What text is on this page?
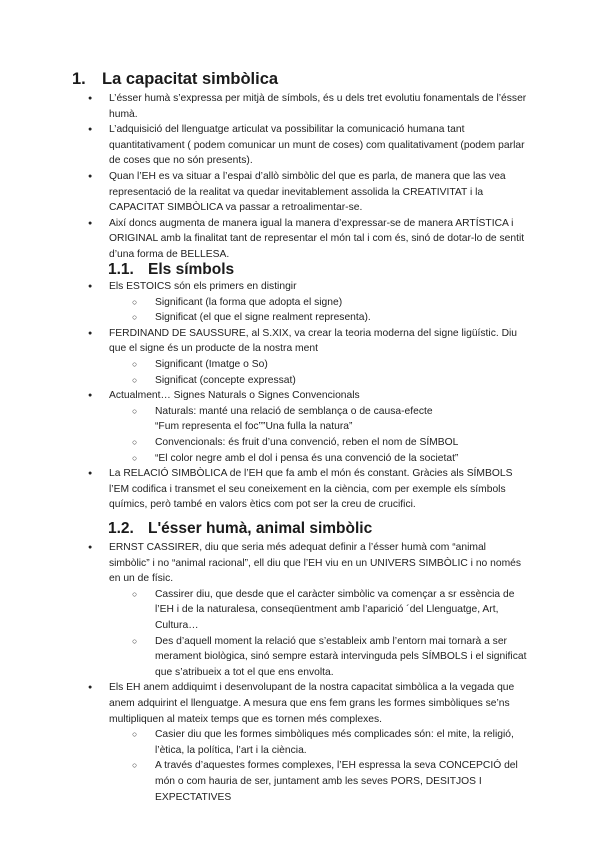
1. La capacitat simbòlica
● L’ésser humà s’expressa per mitjà de símbols, és u dels tret evolutiu fonamentals de l’ésser humà.
● L’adquisició del llenguatge articulat va possibilitar la comunicació humana tant quantitativament ( podem comunicar un munt de coses) com qualitativament (podem parlar de coses que no són presents).
● Quan l’EH es va situar a l’espai d’allò simbòlic del que es parla, de manera que las vea representació de la realitat va quedar inevitablement assolida la CREATIVITAT i la CAPACITAT SIMBÒLICA va passar a retroalimentar-se.
● Així doncs augmenta de manera igual la manera d’expressar-se de manera ARTÍSTICA i ORIGINAL amb la finalitat tant de representar el món tal i com és, sinó de dotar-lo de sentit d’una forma de BELLESA.
1.1. Els símbols
● Els ESTOICS són els primers en distingir
○ Significant (la forma que adopta el signe)
○ Significat (el que el signe realment representa).
● FERDINAND DE SAUSSURE, al S.XIX, va crear la teoria moderna del signe ligüístic. Diu que el signe és un producte de la nostra ment
○ Significant (Imatge o So)
○ Significat (concepte expressat)
● Actualment… Signes Naturals o Signes Convencionals
○ Naturals: manté una relació de semblança o de causa-efecte
“Fum representa el foc””Una fulla la natura”
○ Convencionals: és fruit d’una convenció, reben el nom de SÍMBOL
○ “El color negre amb el dol i pensa és una convenció de la societat”
● La RELACIÓ SIMBÒLICA de l’EH que fa amb el món és constant. Gràcies als SÍMBOLS l’EM codifica i transmet el seu coneixement en la ciència, com per exemple els símbols químics, però també en valors ètics com pot ser la creu de crucifici.
1.2. L'ésser humà, animal simbòlic
● ERNST CASSIRER, diu que seria més adequat definir a l’ésser humà com “animal simbòlic” i no “animal racional”, ell diu que l’EH viu en un UNIVERS SIMBÒLIC i no només en un de físic.
○ Cassirer diu, que desde que el caràcter simbòlic va començar a sr essència de l’EH i de la naturalesa, conseqüentment amb l’aparició ´del Llenguatge, Art, Cultura…
○ Des d’aquell moment la relació que s’estableix amb l’entorn mai tornarà a ser merament biològica, sinó sempre estarà intervinguda pels SÍMBOLS i el significat que s’atribueix a tot el que ens envolta.
● Els EH anem addiquimt i desenvolupant de la nostra capacitat simbòlica a la vegada que anem adquirint el llenguatge. A mesura que ens fem grans les formes simbòliques se’ns multipliquen al mateix temps que es tornen més complexes.
○ Casier diu que les formes simbòliques més complicades són: el mite, la religió, l’ètica, la política, l’art i la ciència.
○ A través d’aquestes formes complexes, l’EH espressa la seva CONCEPCIÓ del món o com hauria de ser, juntament amb les seves PORS, DESITJOS I EXPECTATIVES
